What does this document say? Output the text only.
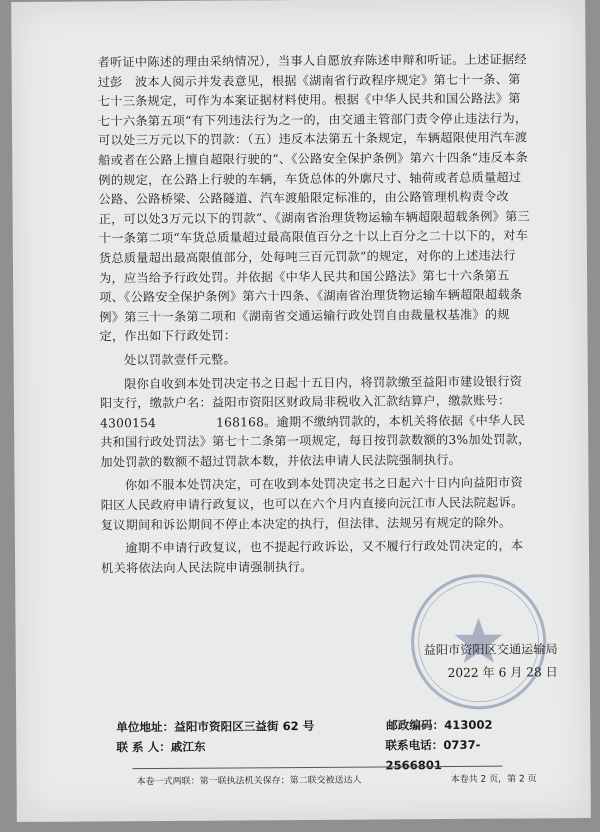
者听证中陈述的理由采纳情况），当事人自愿放弃陈述申辩和听证。上述证据经过彭　波本人阅示并发表意见，根据《湖南省行政程序规定》第七十一条、第七十三条规定，可作为本案证据材料使用。根据《中华人民共和国公路法》第七十六条第五项“有下列违法行为之一的，由交通主管部门责令停止违法行为，可以处三万元以下的罚款：（五）违反本法第五十条规定，车辆超限使用汽车渡船或者在公路上擅自超限行驶的”、《公路安全保护条例》第六十四条“违反本条例的规定，在公路上行驶的车辆，车货总体的外廓尺寸、轴荷或者总质量超过公路、公路桥梁、公路隧道、汽车渡船限定标准的，由公路管理机构责令改正，可以处3万元以下的罚款”、《湖南省治理货物运输车辆超限超载条例》第三十一条第二项“车货总质量超过最高限值百分之十以上百分之二十以下的，对车货总质量超出最高限值部分，处每吨三百元罚款”的规定，对你的上述违法行为，应当给予行政处罚。并依据《中华人民共和国公路法》第七十六条第五项、《公路安全保护条例》第六十四条、《湖南省治理货物运输车辆超限超载条例》第三十一条第二项和《湖南省交通运输行政处罚自由裁量权基准》的规定，作出如下行政处罚：

处以罚款壹仟元整。

限你自收到本处罚决定书之日起十五日内，将罚款缴至益阳市建设银行资阳支行，缴款户名：益阳市资阳区财政局非税收入汇款结算户，缴款账号：4300154	168168。逾期不缴纳罚款的，本机关将依据《中华人民共和国行政处罚法》第七十二条第一项规定，每日按罚款数额的3%加处罚款，加处罚款的数额不超过罚款本数，并依法申请人民法院强制执行。

你如不服本处罚决定，可在收到本处罚决定书之日起六十日内向益阳市资阳区人民政府申请行政复议，也可以在六个月内直接向沅江市人民法院起诉。复议期间和诉讼期间不停止本决定的执行，但法律、法规另有规定的除外。

逾期不申请行政复议，也不提起行政诉讼，又不履行行政处罚决定的，本机关将依法向人民法院申请强制执行。

益阳市资阳区交通运输局
2022 年 6 月 28 日
单位地址：益阳市资阳区三益街 62 号	邮政编码：413002
联 系 人：戚江东	联系电话：0737-2566801
本卷一式两联：第一联执法机关保存；第二联交被送达人	本卷共 2 页，第 2 页
